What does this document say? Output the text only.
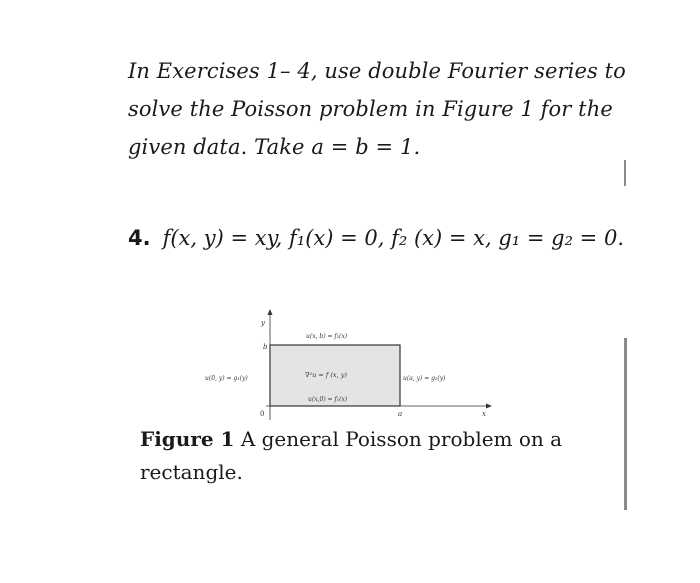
In Exercises 1– 4, use double Fourier series to
solve the Poisson problem in Figure 1 for the
given data. Take a = b = 1.
4. f(x, y) = xy, f₁(x) = 0, f₂ (x) = x, g₁ = g₂ = 0.
y
b
u(x, b) = f₂(x)
u(0, y) = g₁(y)	u(a, y) = g₂(y)
∇²u = f (x, y)
u(x,0) = f₁(x)
0	a	x
Figure 1 A general Poisson problem on a
rectangle.
